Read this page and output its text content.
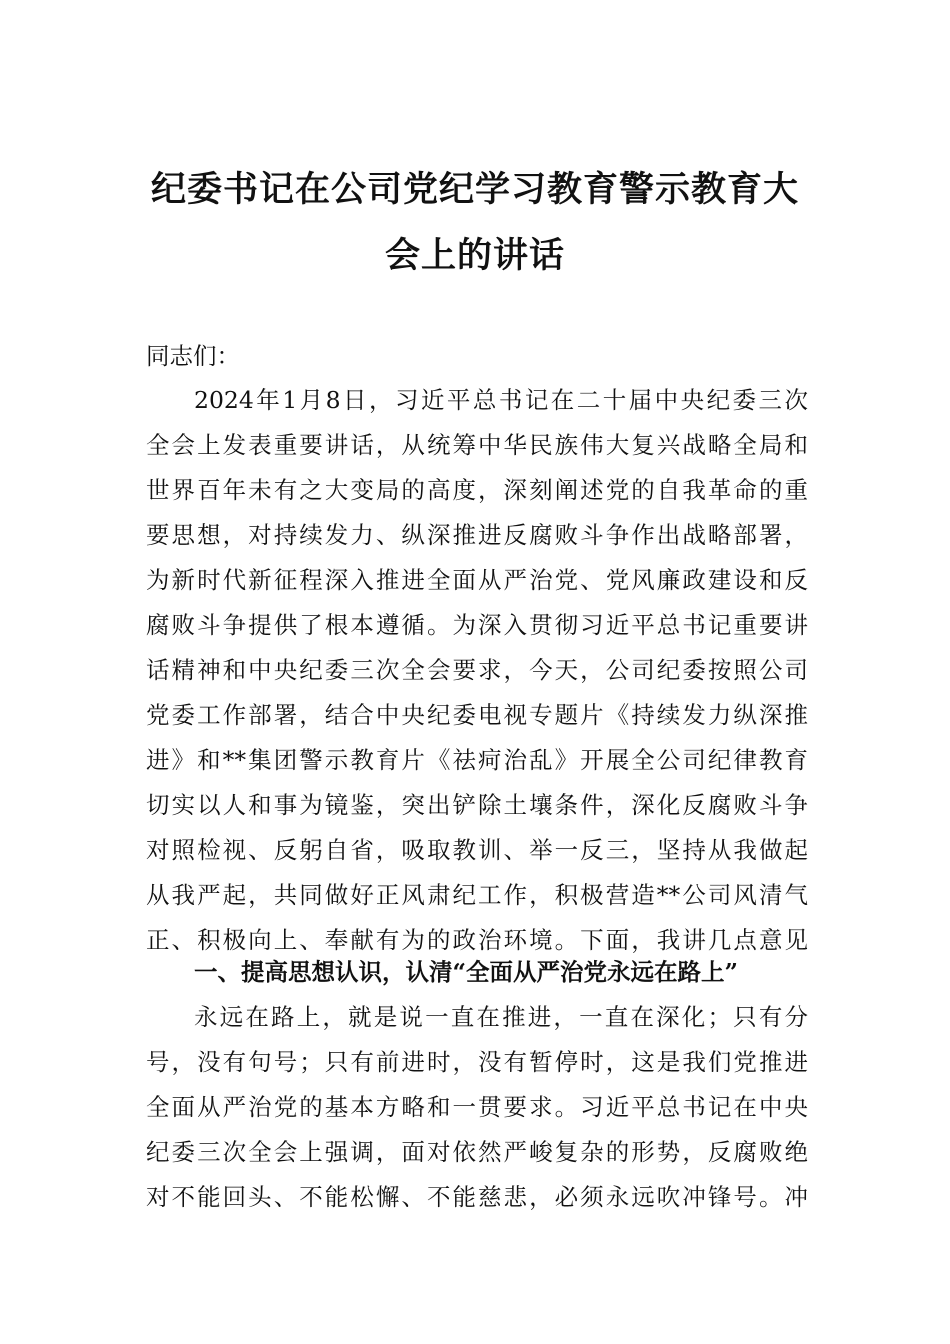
纪委书记在公司党纪学习教育警示教育大
会上的讲话
同志们：
2024年1月8日，习近平总书记在二十届中央纪委三次
全会上发表重要讲话，从统筹中华民族伟大复兴战略全局和
世界百年未有之大变局的高度，深刻阐述党的自我革命的重
要思想，对持续发力、纵深推进反腐败斗争作出战略部署，
为新时代新征程深入推进全面从严治党、党风廉政建设和反
腐败斗争提供了根本遵循。为深入贯彻习近平总书记重要讲
话精神和中央纪委三次全会要求，今天，公司纪委按照公司
党委工作部署，结合中央纪委电视专题片《持续发力纵深推
进》和**集团警示教育片《祛疴治乱》开展全公司纪律教育
切实以人和事为镜鉴，突出铲除土壤条件，深化反腐败斗争
对照检视、反躬自省，吸取教训、举一反三，坚持从我做起
从我严起，共同做好正风肃纪工作，积极营造**公司风清气
正、积极向上、奉献有为的政治环境。下面，我讲几点意见
一、提高思想认识，认清“全面从严治党永远在路上”
永远在路上，就是说一直在推进，一直在深化；只有分
号，没有句号；只有前进时，没有暂停时，这是我们党推进
全面从严治党的基本方略和一贯要求。习近平总书记在中央
纪委三次全会上强调，面对依然严峻复杂的形势，反腐败绝
对不能回头、不能松懈、不能慈悲，必须永远吹冲锋号。冲
